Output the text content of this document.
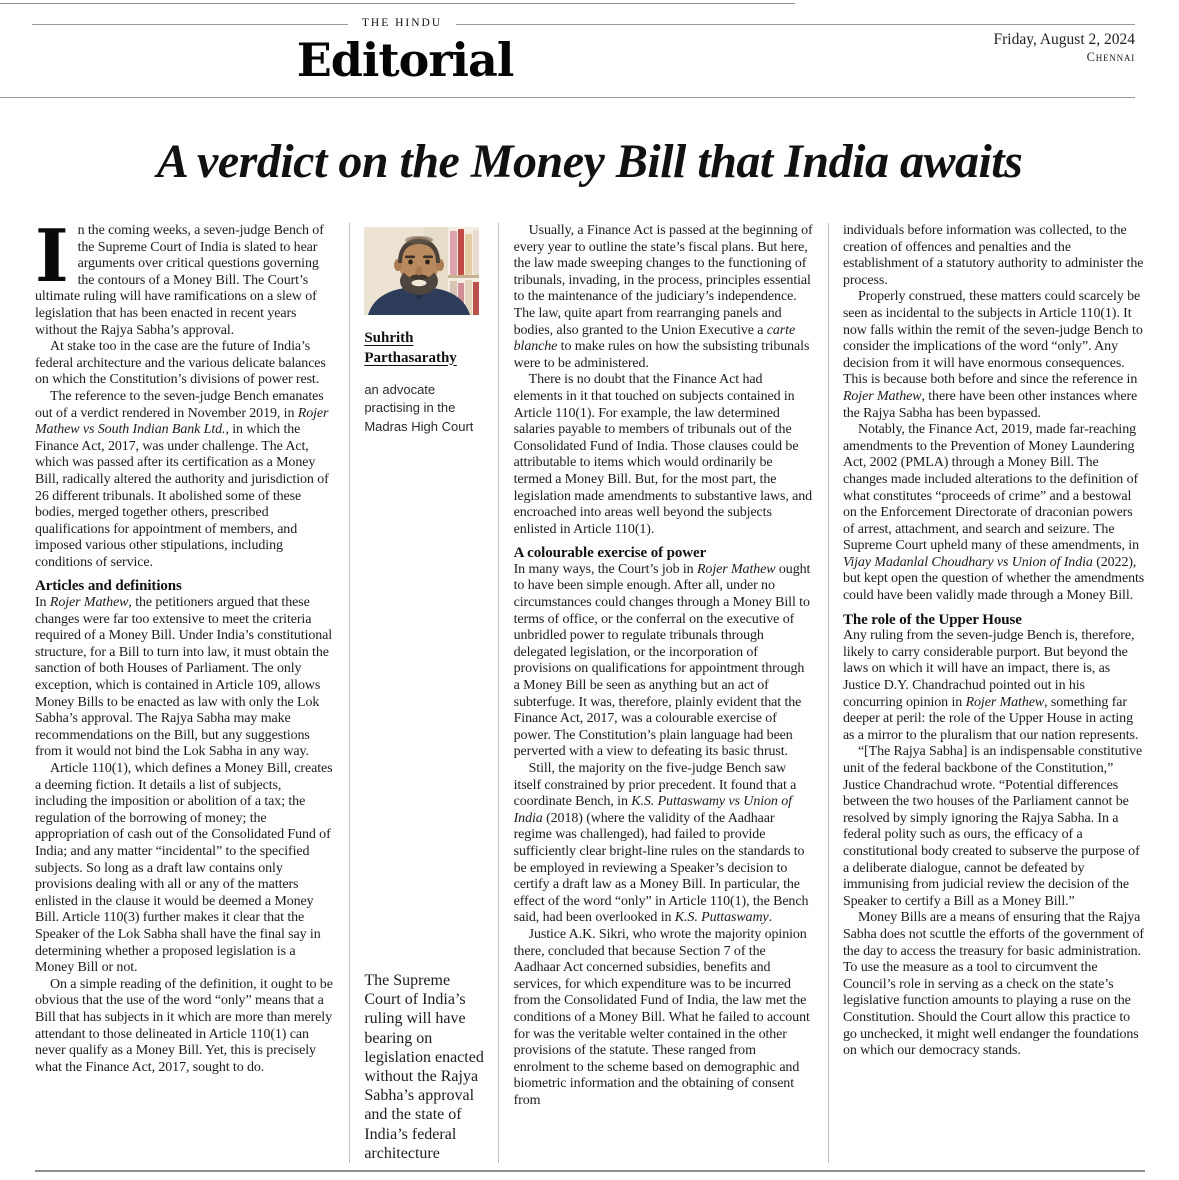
THE HINDU
Editorial	Friday, August 2, 2024
Chennai
A verdict on the Money Bill that India awaits

In the coming weeks, a seven-judge Bench of the Supreme Court of India is slated to hear arguments over critical questions governing the contours of a Money Bill. The Court’s ultimate ruling will have ramifications on a slew of legislation that has been enacted in recent years without the Rajya Sabha’s approval.

At stake too in the case are the future of India’s federal architecture and the various delicate balances on which the Constitution’s divisions of power rest.

The reference to the seven-judge Bench emanates out of a verdict rendered in November 2019, in Rojer Mathew vs South Indian Bank Ltd., in which the Finance Act, 2017, was under challenge. The Act, which was passed after its certification as a Money Bill, radically altered the authority and jurisdiction of 26 different tribunals. It abolished some of these bodies, merged together others, prescribed qualifications for appointment of members, and imposed various other stipulations, including conditions of service.

Articles and definitions

In Rojer Mathew, the petitioners argued that these changes were far too extensive to meet the criteria required of a Money Bill. Under India’s constitutional structure, for a Bill to turn into law, it must obtain the sanction of both Houses of Parliament. The only exception, which is contained in Article 109, allows Money Bills to be enacted as law with only the Lok Sabha’s approval. The Rajya Sabha may make recommendations on the Bill, but any suggestions from it would not bind the Lok Sabha in any way.

Article 110(1), which defines a Money Bill, creates a deeming fiction. It details a list of subjects, including the imposition or abolition of a tax; the regulation of the borrowing of money; the appropriation of cash out of the Consolidated Fund of India; and any matter “incidental” to the specified subjects. So long as a draft law contains only provisions dealing with all or any of the matters enlisted in the clause it would be deemed a Money Bill. Article 110(3) further makes it clear that the Speaker of the Lok Sabha shall have the final say in determining whether a proposed legislation is a Money Bill or not.

On a simple reading of the definition, it ought to be obvious that the use of the word “only” means that a Bill that has subjects in it which are more than merely attendant to those delineated in Article 110(1) can never qualify as a Money Bill. Yet, this is precisely what the Finance Act, 2017, sought to do.

Suhrith Parthasarathy
an advocate practising in the Madras High Court
The Supreme Court of India’s ruling will have bearing on legislation enacted without the Rajya Sabha’s approval and the state of India’s federal architecture

Usually, a Finance Act is passed at the beginning of every year to outline the state’s fiscal plans. But here, the law made sweeping changes to the functioning of tribunals, invading, in the process, principles essential to the maintenance of the judiciary’s independence. The law, quite apart from rearranging panels and bodies, also granted to the Union Executive a carte blanche to make rules on how the subsisting tribunals were to be administered.

There is no doubt that the Finance Act had elements in it that touched on subjects contained in Article 110(1). For example, the law determined salaries payable to members of tribunals out of the Consolidated Fund of India. Those clauses could be attributable to items which would ordinarily be termed a Money Bill. But, for the most part, the legislation made amendments to substantive laws, and encroached into areas well beyond the subjects enlisted in Article 110(1).

A colourable exercise of power

In many ways, the Court’s job in Rojer Mathew ought to have been simple enough. After all, under no circumstances could changes through a Money Bill to terms of office, or the conferral on the executive of unbridled power to regulate tribunals through delegated legislation, or the incorporation of provisions on qualifications for appointment through a Money Bill be seen as anything but an act of subterfuge. It was, therefore, plainly evident that the Finance Act, 2017, was a colourable exercise of power. The Constitution’s plain language had been perverted with a view to defeating its basic thrust.

Still, the majority on the five-judge Bench saw itself constrained by prior precedent. It found that a coordinate Bench, in K.S. Puttaswamy vs Union of India (2018) (where the validity of the Aadhaar regime was challenged), had failed to provide sufficiently clear bright-line rules on the standards to be employed in reviewing a Speaker’s decision to certify a draft law as a Money Bill. In particular, the effect of the word “only” in Article 110(1), the Bench said, had been overlooked in K.S. Puttaswamy.

Justice A.K. Sikri, who wrote the majority opinion there, concluded that because Section 7 of the Aadhaar Act concerned subsidies, benefits and services, for which expenditure was to be incurred from the Consolidated Fund of India, the law met the conditions of a Money Bill. What he failed to account for was the veritable welter contained in the other provisions of the statute. These ranged from enrolment to the scheme based on demographic and biometric information and the obtaining of consent from

individuals before information was collected, to the creation of offences and penalties and the establishment of a statutory authority to administer the process.

Properly construed, these matters could scarcely be seen as incidental to the subjects in Article 110(1). It now falls within the remit of the seven-judge Bench to consider the implications of the word “only”. Any decision from it will have enormous consequences. This is because both before and since the reference in Rojer Mathew, there have been other instances where the Rajya Sabha has been bypassed.

Notably, the Finance Act, 2019, made far-reaching amendments to the Prevention of Money Laundering Act, 2002 (PMLA) through a Money Bill. The changes made included alterations to the definition of what constitutes “proceeds of crime” and a bestowal on the Enforcement Directorate of draconian powers of arrest, attachment, and search and seizure. The Supreme Court upheld many of these amendments, in Vijay Madanlal Choudhary vs Union of India (2022), but kept open the question of whether the amendments could have been validly made through a Money Bill.

The role of the Upper House

Any ruling from the seven-judge Bench is, therefore, likely to carry considerable purport. But beyond the laws on which it will have an impact, there is, as Justice D.Y. Chandrachud pointed out in his concurring opinion in Rojer Mathew, something far deeper at peril: the role of the Upper House in acting as a mirror to the pluralism that our nation represents.

“[The Rajya Sabha] is an indispensable constitutive unit of the federal backbone of the Constitution,” Justice Chandrachud wrote. “Potential differences between the two houses of the Parliament cannot be resolved by simply ignoring the Rajya Sabha. In a federal polity such as ours, the efficacy of a constitutional body created to subserve the purpose of a deliberate dialogue, cannot be defeated by immunising from judicial review the decision of the Speaker to certify a Bill as a Money Bill.”

Money Bills are a means of ensuring that the Rajya Sabha does not scuttle the efforts of the government of the day to access the treasury for basic administration. To use the measure as a tool to circumvent the Council’s role in serving as a check on the state’s legislative function amounts to playing a ruse on the Constitution. Should the Court allow this practice to go unchecked, it might well endanger the foundations on which our democracy stands.
